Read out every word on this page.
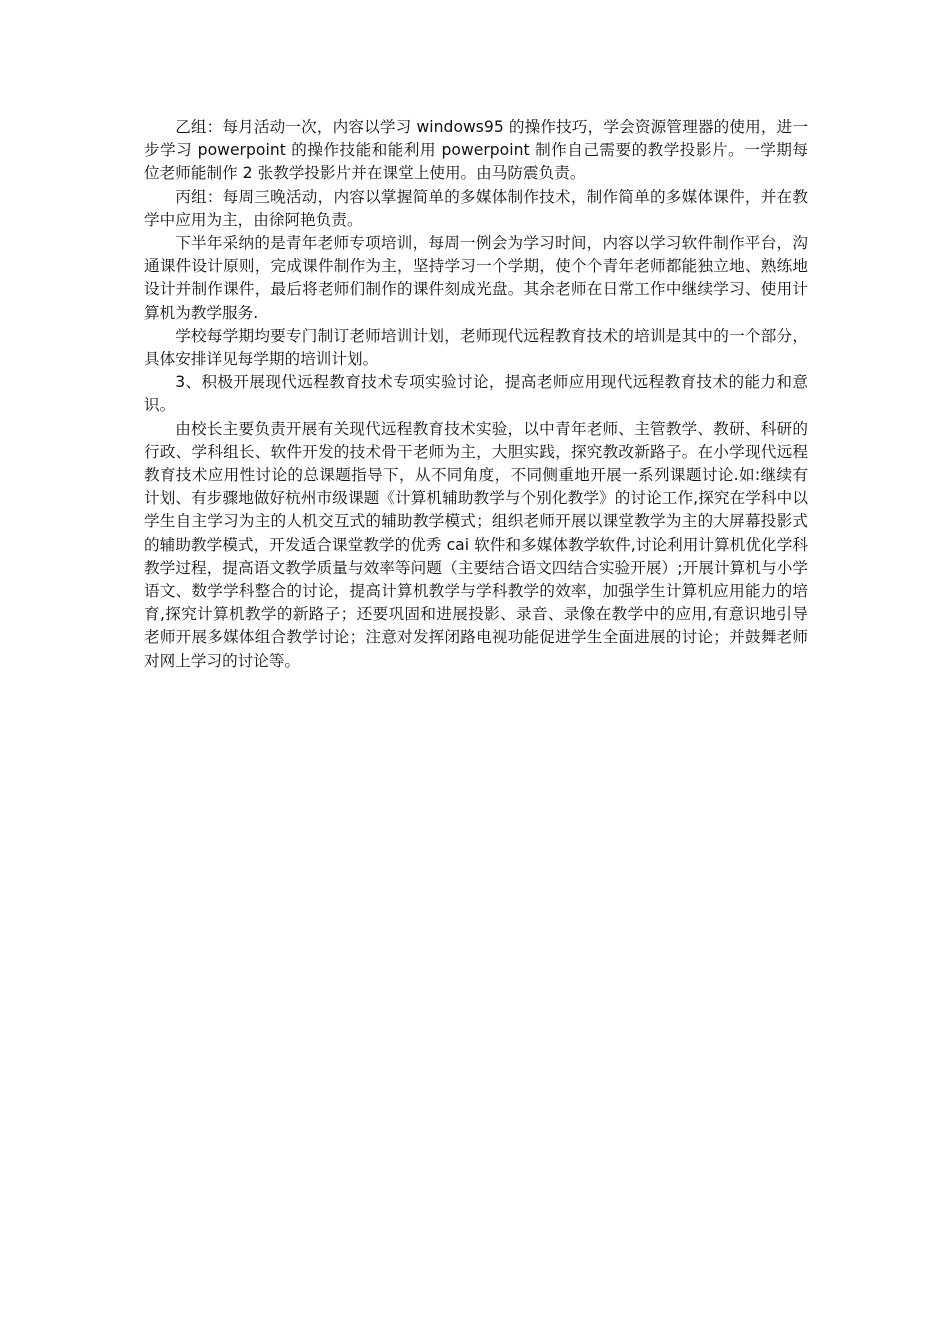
乙组：每月活动一次，内容以学习 windows95 的操作技巧，学会资源管理器的使用，进一步学习 powerpoint 的操作技能和能利用 powerpoint 制作自己需要的教学投影片。一学期每位老师能制作 2 张教学投影片并在课堂上使用。由马防震负责。

丙组：每周三晚活动，内容以掌握简单的多媒体制作技术，制作简单的多媒体课件，并在教学中应用为主，由徐阿艳负责。

下半年采纳的是青年老师专项培训，每周一例会为学习时间，内容以学习软件制作平台，沟通课件设计原则，完成课件制作为主，坚持学习一个学期，使个个青年老师都能独立地、熟练地设计并制作课件，最后将老师们制作的课件刻成光盘。其余老师在日常工作中继续学习、使用计算机为教学服务.

学校每学期均要专门制订老师培训计划，老师现代远程教育技术的培训是其中的一个部分，具体安排详见每学期的培训计划。

3、积极开展现代远程教育技术专项实验讨论，提高老师应用现代远程教育技术的能力和意识。

由校长主要负责开展有关现代远程教育技术实验，以中青年老师、主管教学、教研、科研的行政、学科组长、软件开发的技术骨干老师为主，大胆实践，探究教改新路子。在小学现代远程教育技术应用性讨论的总课题指导下，从不同角度，不同侧重地开展一系列课题讨论.如:继续有计划、有步骤地做好杭州市级课题《计算机辅助教学与个别化教学》的讨论工作,探究在学科中以学生自主学习为主的人机交互式的辅助教学模式；组织老师开展以课堂教学为主的大屏幕投影式的辅助教学模式，开发适合课堂教学的优秀 cai 软件和多媒体教学软件,讨论利用计算机优化学科教学过程，提高语文教学质量与效率等问题（主要结合语文四结合实验开展）;开展计算机与小学语文、数学学科整合的讨论，提高计算机教学与学科教学的效率，加强学生计算机应用能力的培育,探究计算机教学的新路子；还要巩固和进展投影、录音、录像在教学中的应用,有意识地引导老师开展多媒体组合教学讨论；注意对发挥闭路电视功能促进学生全面进展的讨论；并鼓舞老师对网上学习的讨论等。
